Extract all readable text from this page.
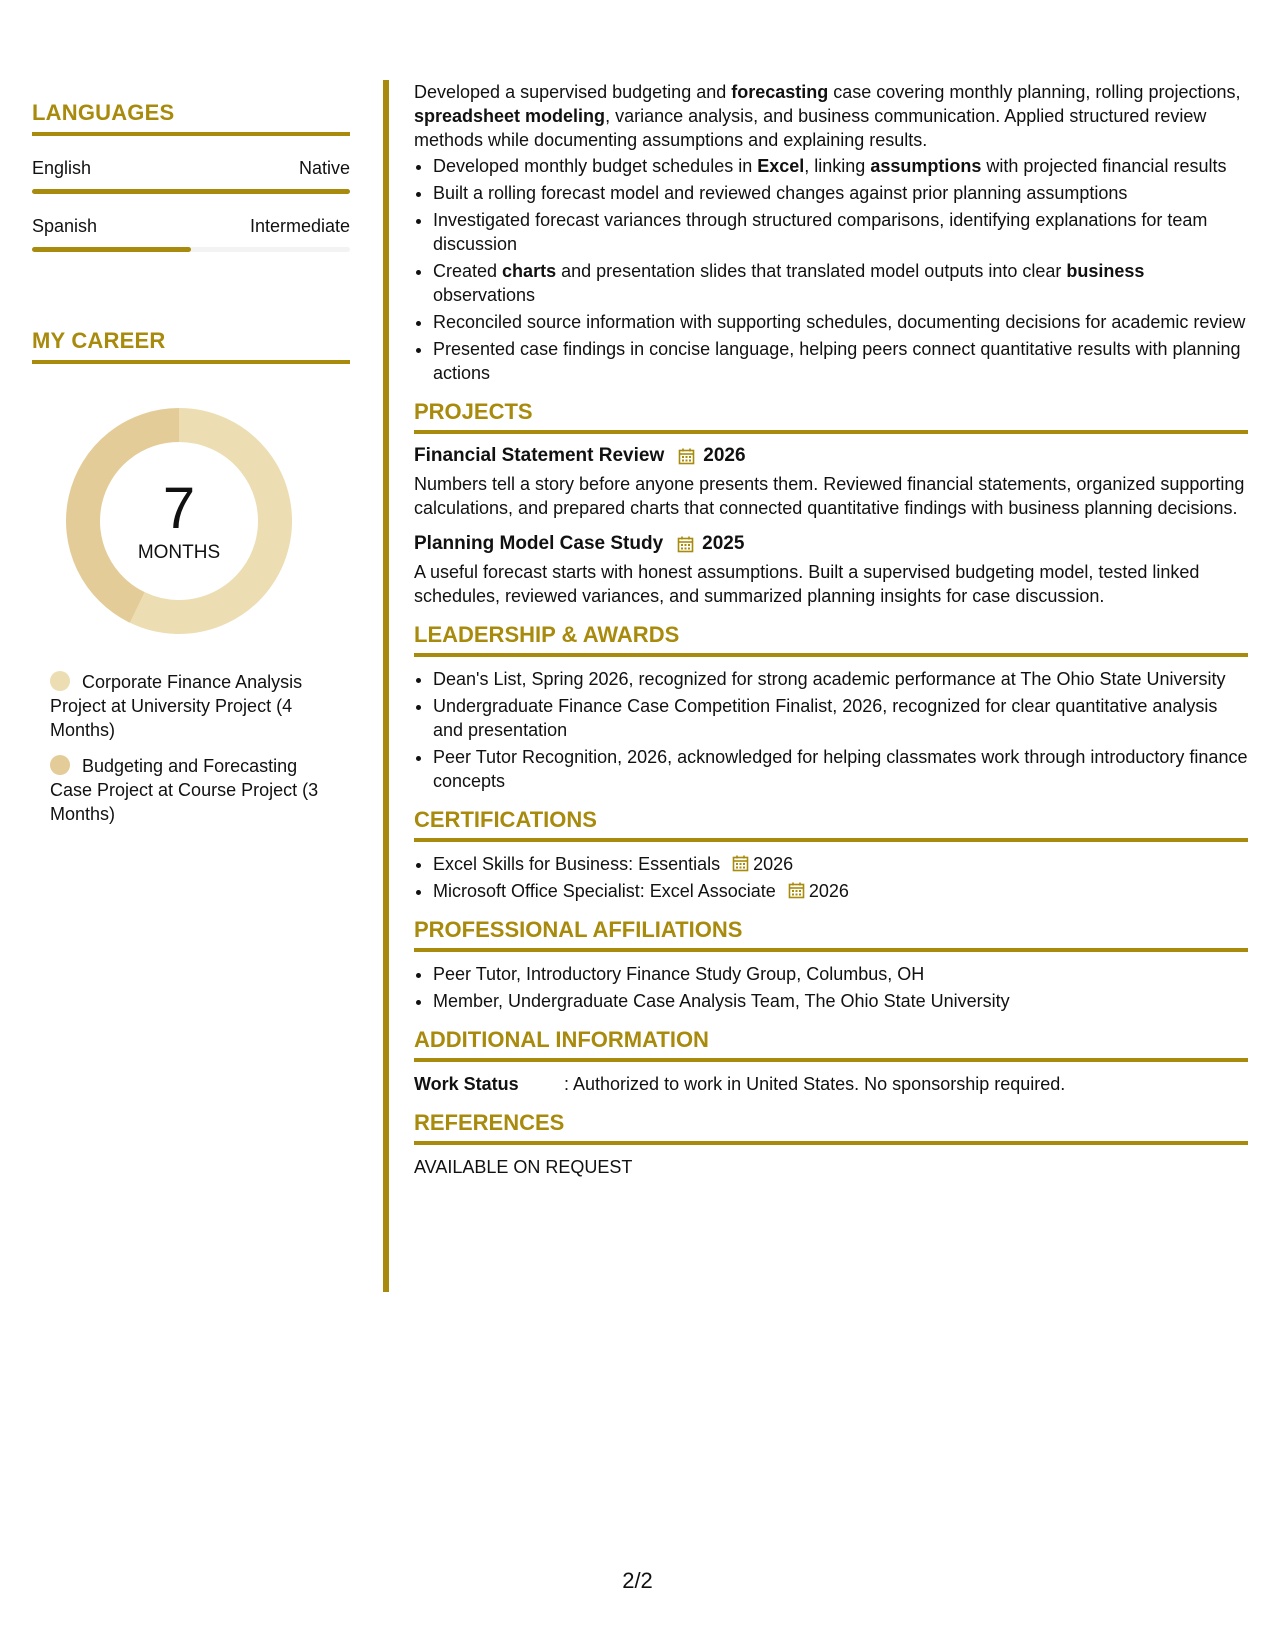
LANGUAGES
English	Native
Spanish	Intermediate
MY CAREER
7
MONTHS
Corporate Finance Analysis Project at University Project (4 Months)
Budgeting and Forecasting Case Project at Course Project (3 Months)

Developed a supervised budgeting and forecasting case covering monthly planning, rolling projections, spreadsheet modeling, variance analysis, and business communication. Applied structured review methods while documenting assumptions and explaining results.

• Developed monthly budget schedules in Excel, linking assumptions with projected financial results
• Built a rolling forecast model and reviewed changes against prior planning assumptions
• Investigated forecast variances through structured comparisons, identifying explanations for team discussion
• Created charts and presentation slides that translated model outputs into clear business observations
• Reconciled source information with supporting schedules, documenting decisions for academic review
• Presented case findings in concise language, helping peers connect quantitative results with planning actions
PROJECTS
Financial Statement Review 2026

Numbers tell a story before anyone presents them. Reviewed financial statements, organized supporting calculations, and prepared charts that connected quantitative findings with business planning decisions.

Planning Model Case Study 2025

A useful forecast starts with honest assumptions. Built a supervised budgeting model, tested linked schedules, reviewed variances, and summarized planning insights for case discussion.

LEADERSHIP & AWARDS
• Dean's List, Spring 2026, recognized for strong academic performance at The Ohio State University
• Undergraduate Finance Case Competition Finalist, 2026, recognized for clear quantitative analysis and presentation
• Peer Tutor Recognition, 2026, acknowledged for helping classmates work through introductory finance concepts
CERTIFICATIONS
• Excel Skills for Business: Essentials 2026
• Microsoft Office Specialist: Excel Associate 2026
PROFESSIONAL AFFILIATIONS
• Peer Tutor, Introductory Finance Study Group, Columbus, OH
• Member, Undergraduate Case Analysis Team, The Ohio State University
ADDITIONAL INFORMATION
Work Status	: Authorized to work in United States. No sponsorship required.
REFERENCES
AVAILABLE ON REQUEST
2/2
